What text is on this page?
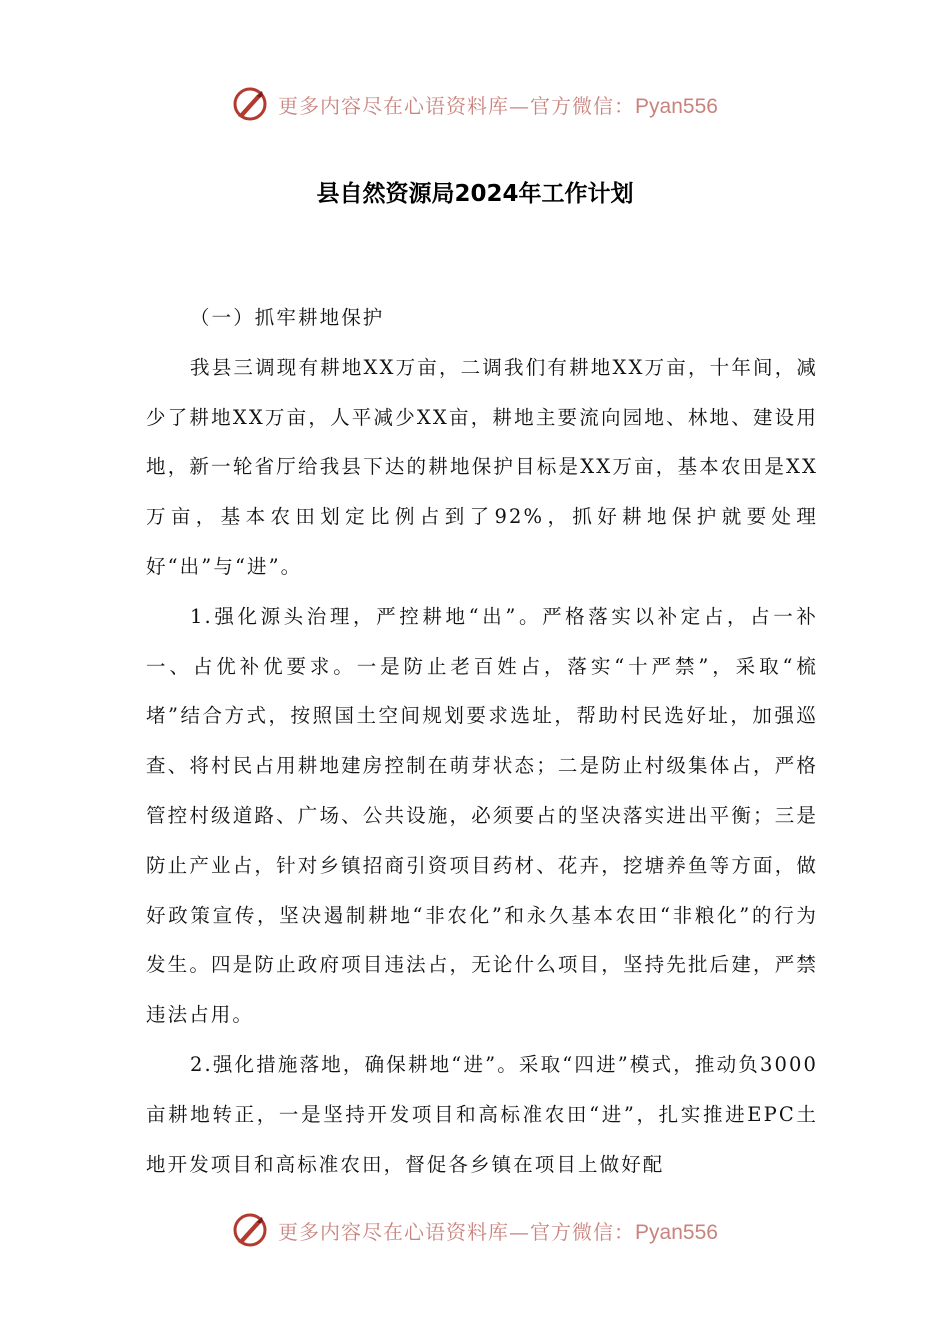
更多内容尽在心语资料库—官方微信：Pyan556
县自然资源局2024年工作计划

（一）抓牢耕地保护

我县三调现有耕地XX万亩，二调我们有耕地XX万亩，十年间，减少了耕地XX万亩，人平减少XX亩，耕地主要流向园地、林地、建设用地，新一轮省厅给我县下达的耕地保护目标是XX万亩，基本农田是XX万亩，基本农田划定比例占到了92%，抓好耕地保护就要处理好“出”与“进”。

1.强化源头治理，严控耕地“出”。严格落实以补定占，占一补一、占优补优要求。一是防止老百姓占，落实“十严禁”，采取“梳堵”结合方式，按照国土空间规划要求选址，帮助村民选好址，加强巡查、将村民占用耕地建房控制在萌芽状态；二是防止村级集体占，严格管控村级道路、广场、公共设施，必须要占的坚决落实进出平衡；三是防止产业占，针对乡镇招商引资项目药材、花卉，挖塘养鱼等方面，做好政策宣传，坚决遏制耕地“非农化”和永久基本农田“非粮化”的行为发生。四是防止政府项目违法占，无论什么项目，坚持先批后建，严禁违法占用。

2.强化措施落地，确保耕地“进”。采取“四进”模式，推动负3000亩耕地转正，一是坚持开发项目和高标准农田“进”，扎实推进EPC土地开发项目和高标准农田，督促各乡镇在项目上做好配

更多内容尽在心语资料库—官方微信：Pyan556
